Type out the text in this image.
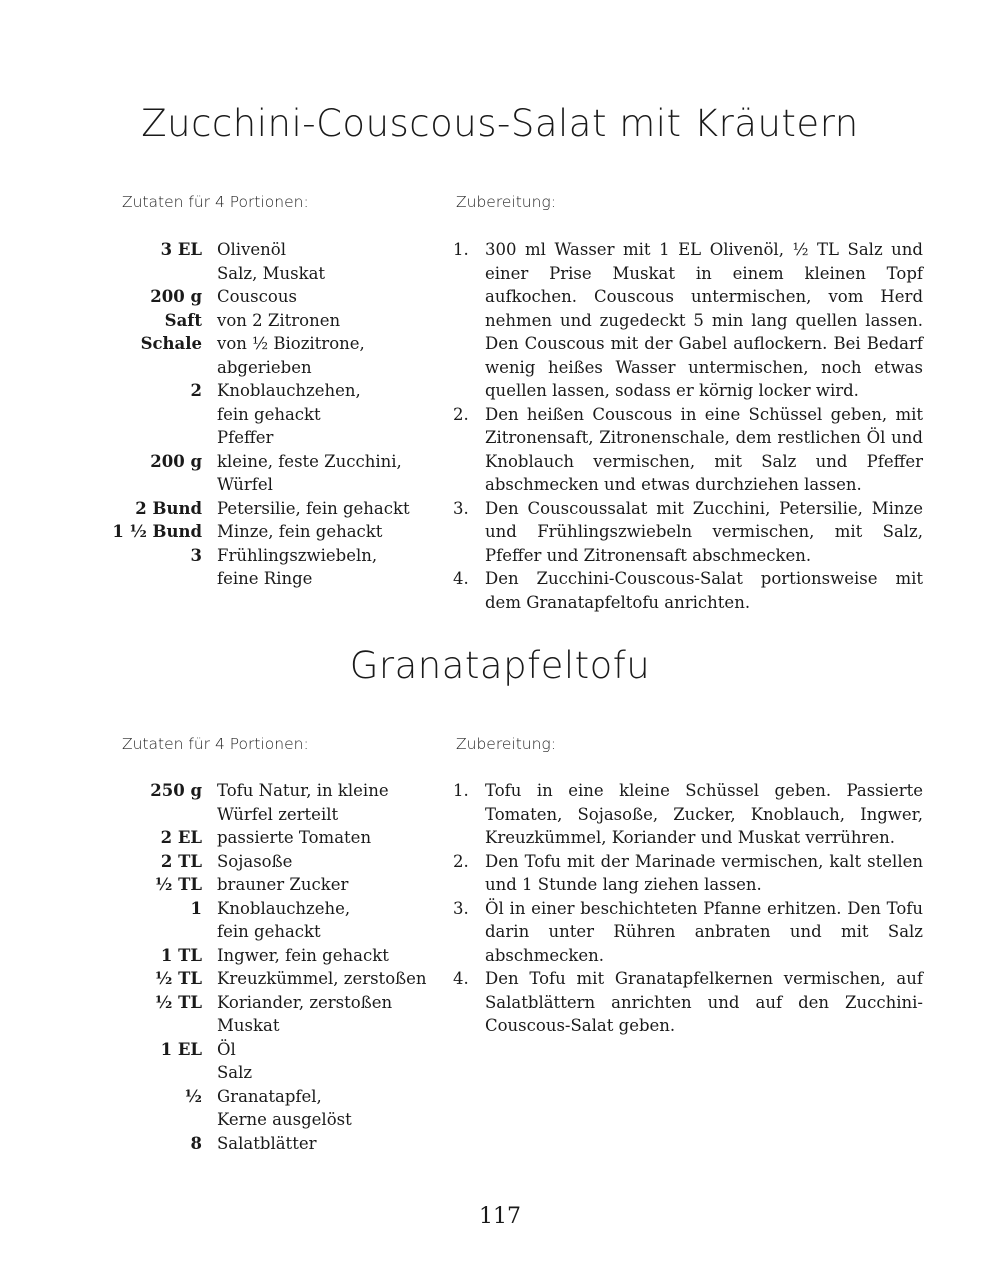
Zucchini-Couscous-Salat mit Kräutern
Zutaten für 4 Portionen:	Zubereitung:
3 EL Olivenöl
Salz, Muskat
200 g Couscous
Saft von 2 Zitronen
Schale von ½ Biozitrone,
abgerieben
2 Knoblauchzehen,
fein gehackt
Pfeffer
200 g kleine, feste Zucchini,
Würfel
2 Bund Petersilie, fein gehackt
1 ½ Bund Minze, fein gehackt
3 Frühlingszwiebeln,
feine Ringe
1. 300 ml Wasser mit 1 EL Olivenöl, ½ TL Salz und einer Prise Muskat in einem kleinen Topf aufkochen. Couscous untermischen, vom Herd nehmen und zugedeckt 5 min lang quellen lassen. Den Couscous mit der Gabel auflockern. Bei Bedarf wenig heißes Wasser untermischen, noch etwas quellen lassen, sodass er körnig locker wird.
2. Den heißen Couscous in eine Schüssel geben, mit Zitronensaft, Zitronenschale, dem restlichen Öl und Knoblauch vermischen, mit Salz und Pfeffer abschmecken und etwas durchziehen lassen.
3. Den Couscoussalat mit Zucchini, Petersilie, Minze und Frühlingszwiebeln vermischen, mit Salz, Pfeffer und Zitronensaft abschmecken.
4. Den Zucchini-Couscous-Salat portionsweise mit dem Granatapfeltofu anrichten.
Granatapfeltofu
Zutaten für 4 Portionen:	Zubereitung:
250 g Tofu Natur, in kleine
Würfel zerteilt
2 EL passierte Tomaten
2 TL Sojasoße
½ TL brauner Zucker
1 Knoblauchzehe,
fein gehackt
1 TL Ingwer, fein gehackt
½ TL Kreuzkümmel, zerstoßen
½ TL Koriander, zerstoßen
Muskat
1 EL Öl
Salz
½ Granatapfel,
Kerne ausgelöst
8 Salatblätter
1. Tofu in eine kleine Schüssel geben. Passierte Tomaten, Sojasoße, Zucker, Knoblauch, Ingwer, Kreuzkümmel, Koriander und Muskat verrühren.
2. Den Tofu mit der Marinade vermischen, kalt stellen und 1 Stunde lang ziehen lassen.
3. Öl in einer beschichteten Pfanne erhitzen. Den Tofu darin unter Rühren anbraten und mit Salz abschmecken.
4. Den Tofu mit Granatapfelkernen vermischen, auf Salatblättern anrichten und auf den Zucchini-Couscous-Salat geben.
117
